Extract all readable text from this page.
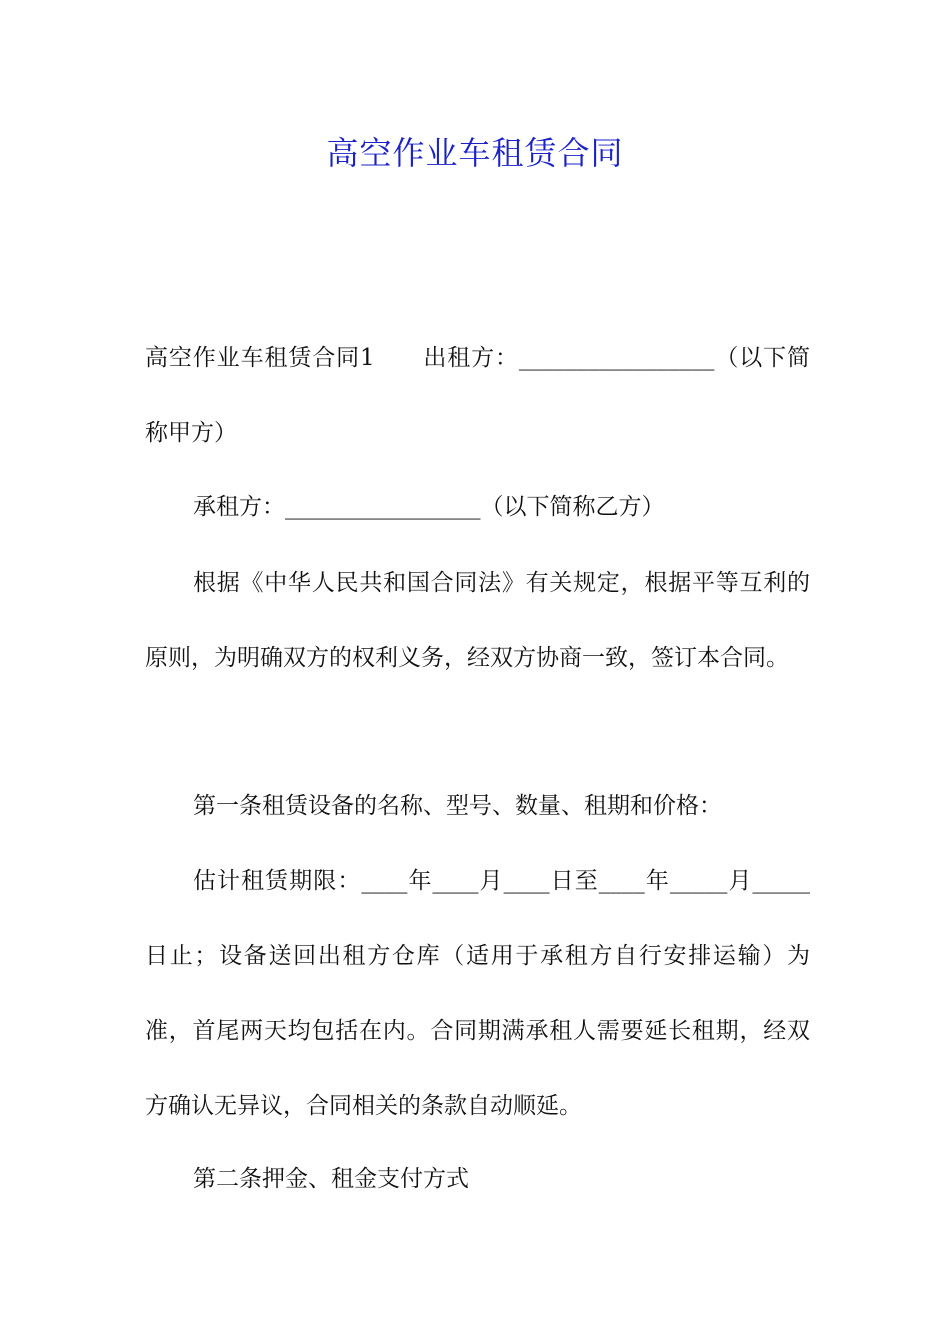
高空作业车租赁合同

高空作业车租赁合同1　　出租方：_________________（以下简称甲方）

承租方：_________________（以下简称乙方）

根据《中华人民共和国合同法》有关规定，根据平等互利的原则，为明确双方的权利义务，经双方协商一致，签订本合同。

第一条租赁设备的名称、型号、数量、租期和价格：

估计租赁期限：____年____月____日至____年_____月_____日止；设备送回出租方仓库（适用于承租方自行安排运输）为准，首尾两天均包括在内。合同期满承租人需要延长租期，经双方确认无异议，合同相关的条款自动顺延。

第二条押金、租金支付方式
